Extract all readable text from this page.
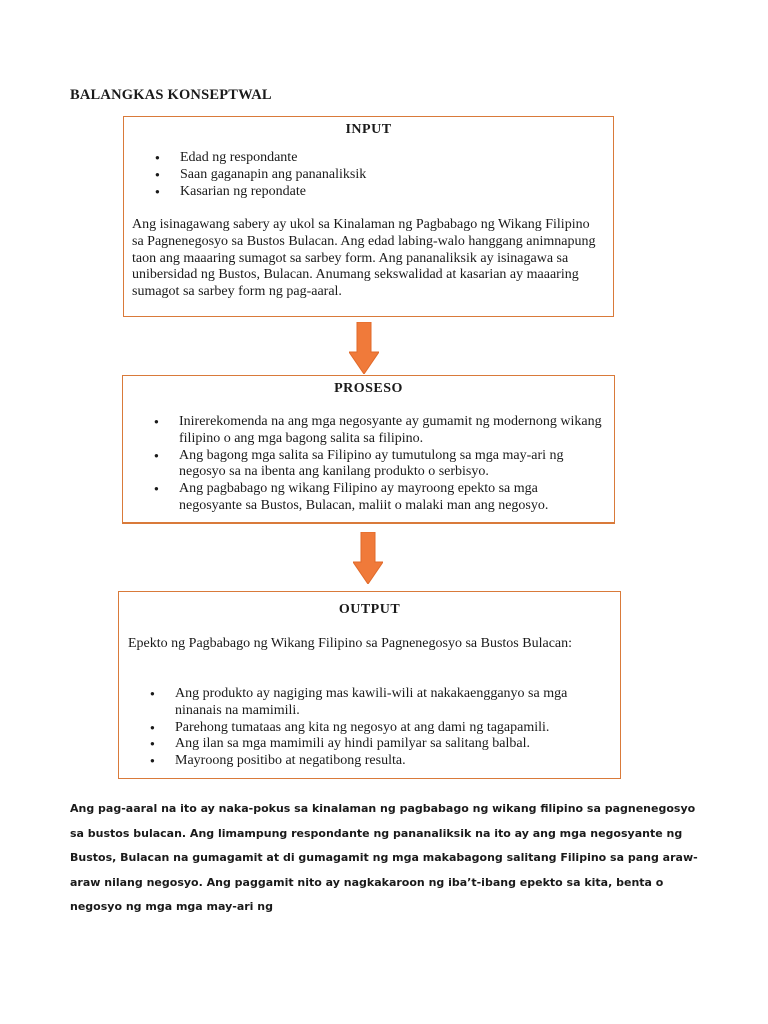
BALANGKAS KONSEPTWAL
INPUT
● Edad ng respondante
● Saan gaganapin ang pananaliksik
● Kasarian ng repondate

Ang isinagawang sabery ay ukol sa Kinalaman ng Pagbabago ng Wikang Filipino sa Pagnenegosyo sa Bustos Bulacan. Ang edad labing-walo hanggang animnapung taon ang maaaring sumagot sa sarbey form. Ang pananaliksik ay isinagawa sa unibersidad ng Bustos, Bulacan. Anumang sekswalidad at kasarian ay maaaring sumagot sa sarbey form ng pag-aaral.

PROSESO
● Inirerekomenda na ang mga negosyante ay gumamit ng modernong wikang filipino o ang mga bagong salita sa filipino.
● Ang bagong mga salita sa Filipino ay tumutulong sa mga may-ari ng negosyo sa na ibenta ang kanilang produkto o serbisyo.
● Ang pagbabago ng wikang Filipino ay mayroong epekto sa mga negosyante sa Bustos, Bulacan, maliit o malaki man ang negosyo.
OUTPUT

Epekto ng Pagbabago ng Wikang Filipino sa Pagnenegosyo sa Bustos Bulacan:

● Ang produkto ay nagiging mas kawili-wili at nakakaengganyo sa mga ninanais na mamimili.
● Parehong tumataas ang kita ng negosyo at ang dami ng tagapamili.
● Ang ilan sa mga mamimili ay hindi pamilyar sa salitang balbal.
● Mayroong positibo at negatibong resulta.
Ang pag-aaral na ito ay naka-pokus sa kinalaman ng pagbabago ng wikang filipino sa pagnenegosyo sa bustos bulacan. Ang limampung respondante ng pananaliksik na ito ay ang mga negosyante ng Bustos, Bulacan na gumagamit at di gumagamit ng mga makabagong salitang Filipino sa pang araw-araw nilang negosyo. Ang paggamit nito ay nagkakaroon ng iba’t-ibang epekto sa kita, benta o negosyo ng mga mga may-ari ng
